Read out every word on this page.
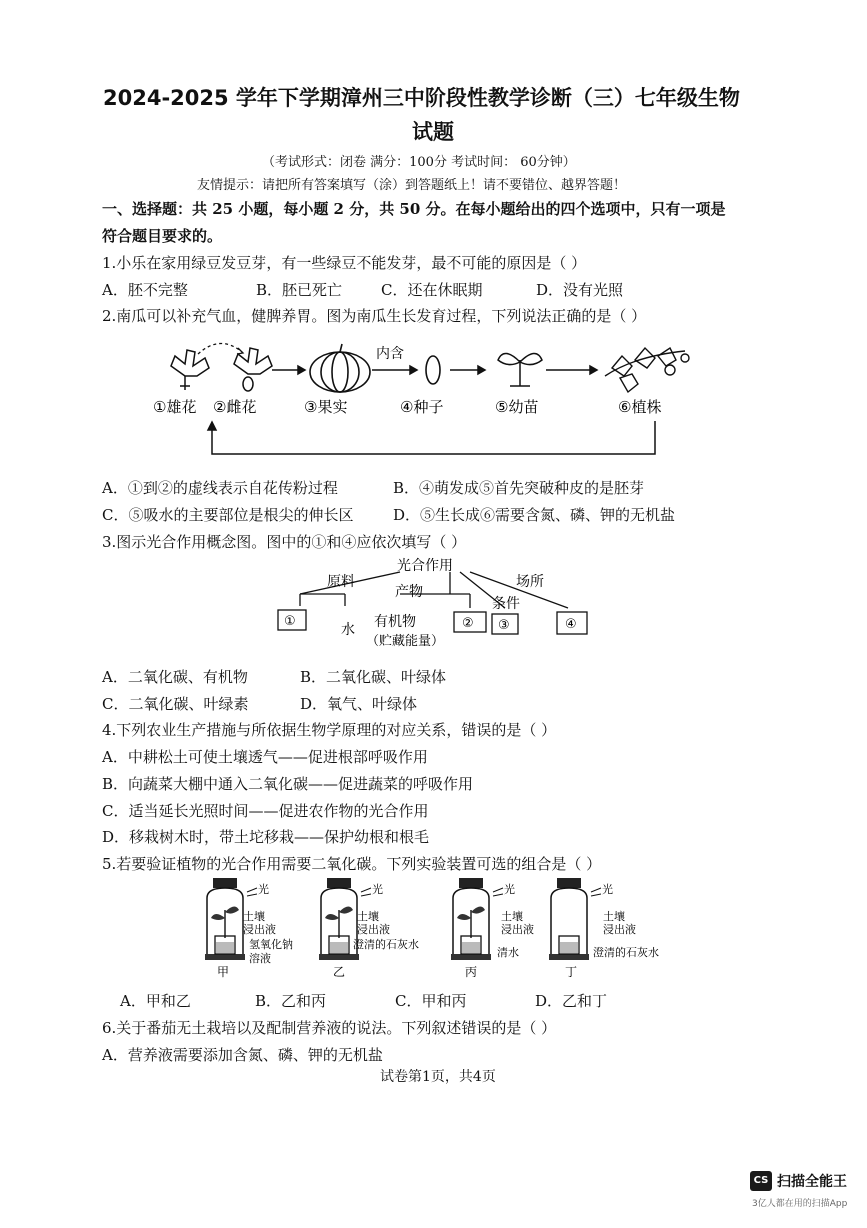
2024-2025 学年下学期漳州三中阶段性教学诊断（三）七年级生物
试题
（考试形式：闭卷 满分：100分 考试时间： 60分钟）
友情提示：请把所有答案填写（涂）到答题纸上！请不要错位、越界答题！
一、选择题：共 25 小题，每小题 2 分，共 50 分。在每小题给出的四个选项中，只有一项是
符合题目要求的。
1.小乐在家用绿豆发豆芽，有一些绿豆不能发芽，最不可能的原因是（ ）
A．胚不完整	B．胚已死亡	C．还在休眠期	D．没有光照
2.南瓜可以补充气血，健脾养胃。图为南瓜生长发育过程，下列说法正确的是（ ）
内含
①雄花 ②雌花	③果实	④种子	⑤幼苗	⑥植株
A．①到②的虚线表示自花传粉过程	B．④萌发成⑤首先突破种皮的是胚芽
C．⑤吸水的主要部位是根尖的伸长区	D．⑤生长成⑥需要含氮、磷、钾的无机盐
3.图示光合作用概念图。图中的①和④应依次填写（ ）
光合作用
原料
产物
条件
场所
水 有机物
（贮藏能量）
①	② ③	④
A．二氧化碳、有机物	B．二氧化碳、叶绿体
C．二氧化碳、叶绿素	D．氧气、叶绿体
4.下列农业生产措施与所依据生物学原理的对应关系，错误的是（ ）
A．中耕松土可使土壤透气——促进根部呼吸作用
B．向蔬菜大棚中通入二氧化碳——促进蔬菜的呼吸作用
C．适当延长光照时间——促进农作物的光合作用
D．移栽树木时，带土坨移栽——保护幼根和根毛
5.若要验证植物的光合作用需要二氧化碳。下列实验装置可选的组合是（ ）
光
土壤
浸出液
氢氧化钠
溶液
甲
光
土壤
浸出液
澄清的石灰水
乙
光
土壤
浸出液
清水
丙
光
土壤
浸出液
澄清的石灰水
丁
A．甲和乙	B．乙和丙	C．甲和丙	D．乙和丁
6.关于番茄无土栽培以及配制营养液的说法。下列叙述错误的是（ ）
A．营养液需要添加含氮、磷、钾的无机盐
试卷第1页，共4页
CS 扫描全能王
3亿人都在用的扫描App
